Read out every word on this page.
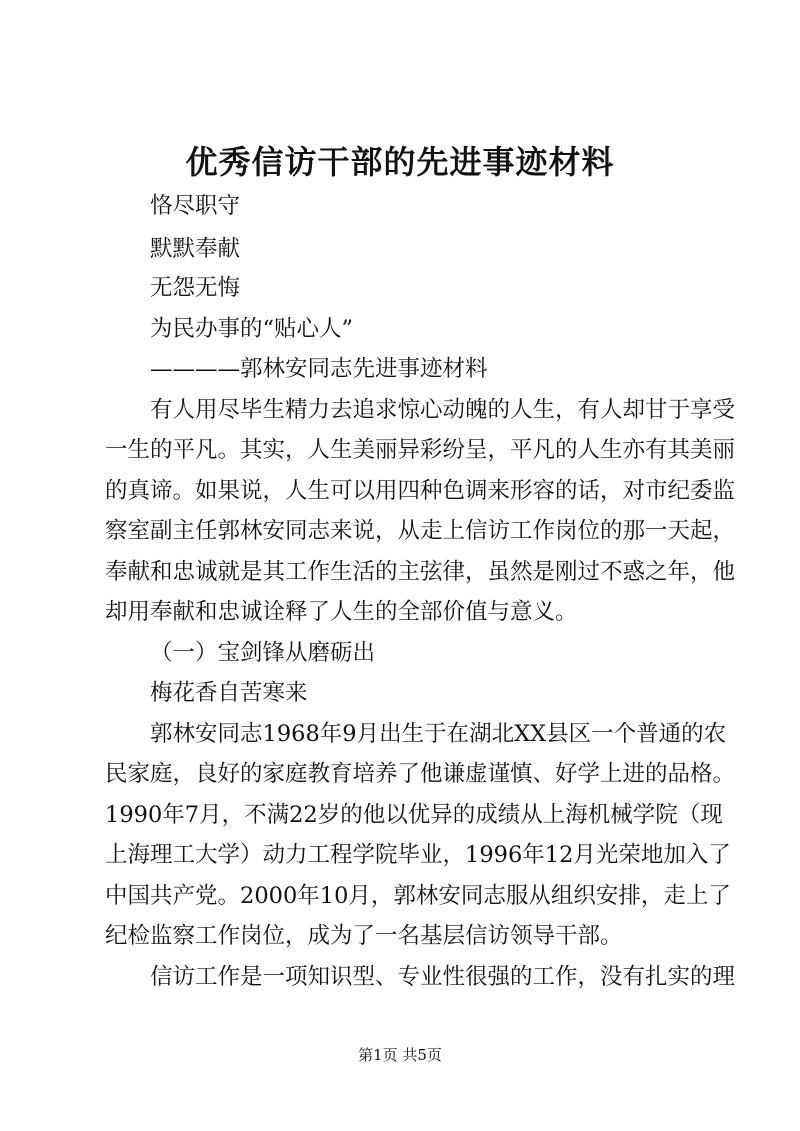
优秀信访干部的先进事迹材料
恪尽职守
默默奉献
无怨无悔
为民办事的“贴心人”
————郭林安同志先进事迹材料
有人用尽毕生精力去追求惊心动魄的人生，有人却甘于享受
一生的平凡。其实，人生美丽异彩纷呈，平凡的人生亦有其美丽
的真谛。如果说，人生可以用四种色调来形容的话，对市纪委监
察室副主任郭林安同志来说，从走上信访工作岗位的那一天起，
奉献和忠诚就是其工作生活的主弦律，虽然是刚过不惑之年，他
却用奉献和忠诚诠释了人生的全部价值与意义。
（一）宝剑锋从磨砺出
梅花香自苦寒来
郭林安同志1968年9月出生于在湖北XX县区一个普通的农
民家庭，良好的家庭教育培养了他谦虚谨慎、好学上进的品格。
1990年7月，不满22岁的他以优异的成绩从上海机械学院（现
上海理工大学）动力工程学院毕业，1996年12月光荣地加入了
中国共产党。2000年10月，郭林安同志服从组织安排，走上了
纪检监察工作岗位，成为了一名基层信访领导干部。
信访工作是一项知识型、专业性很强的工作，没有扎实的理
第1页 共5页
